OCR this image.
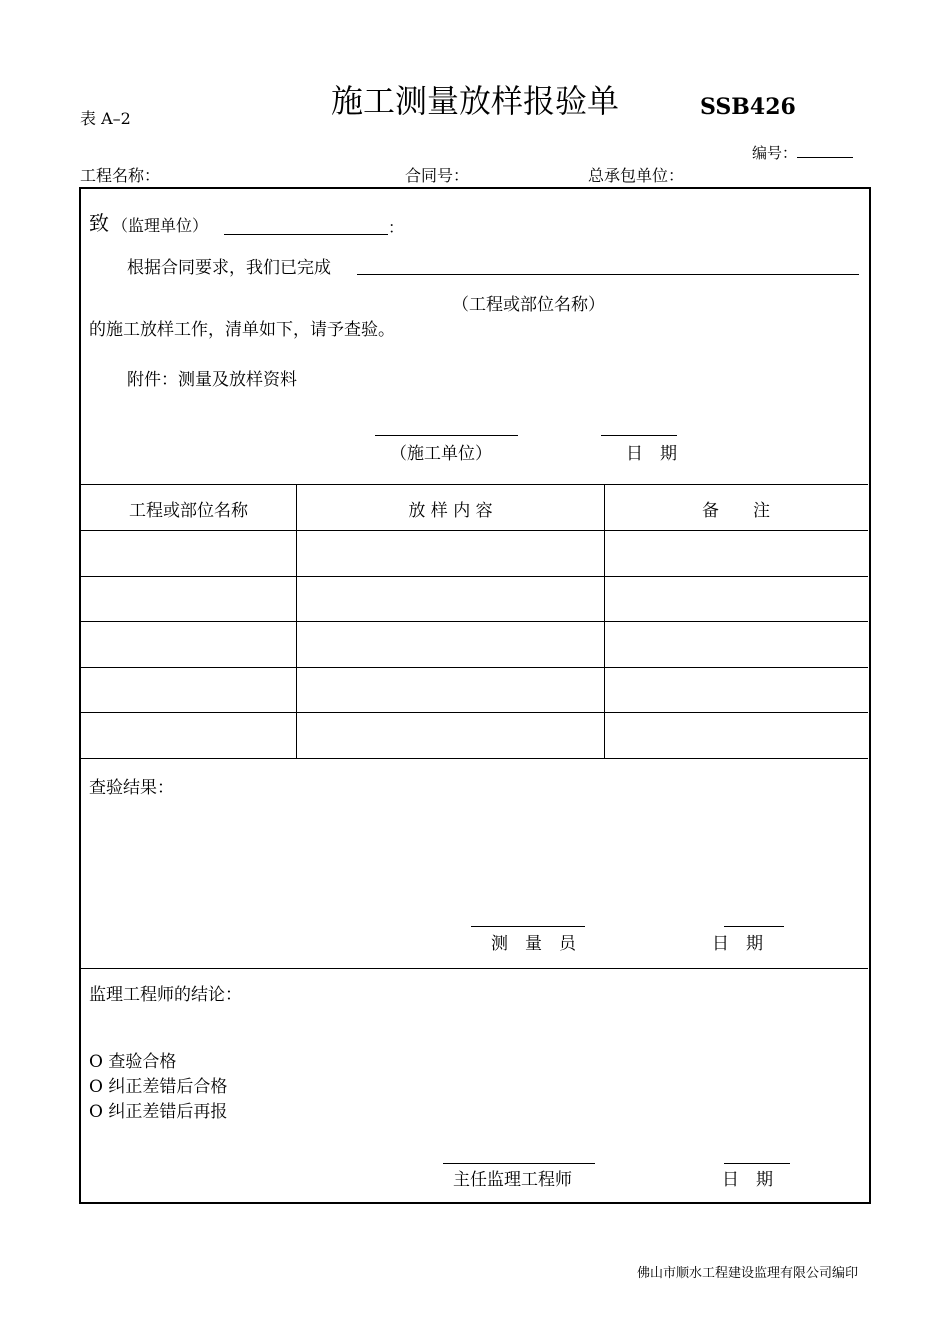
施工测量放样报验单
表 A–2	SSB426
编号：
工程名称：	合同号：	总承包单位：
致 （监理单位）	：
根据合同要求，我们已完成
（工程或部位名称）
的施工放样工作，清单如下，请予查验。
附件：测量及放样资料
（施工单位）	日　期
工程或部位名称	放 样 内 容	备　　注
查验结果：
测　量　员	日　期
监理工程师的结论：
O 查验合格
O 纠正差错后合格
O 纠正差错后再报
主任监理工程师	日　期
佛山市顺水工程建设监理有限公司编印
